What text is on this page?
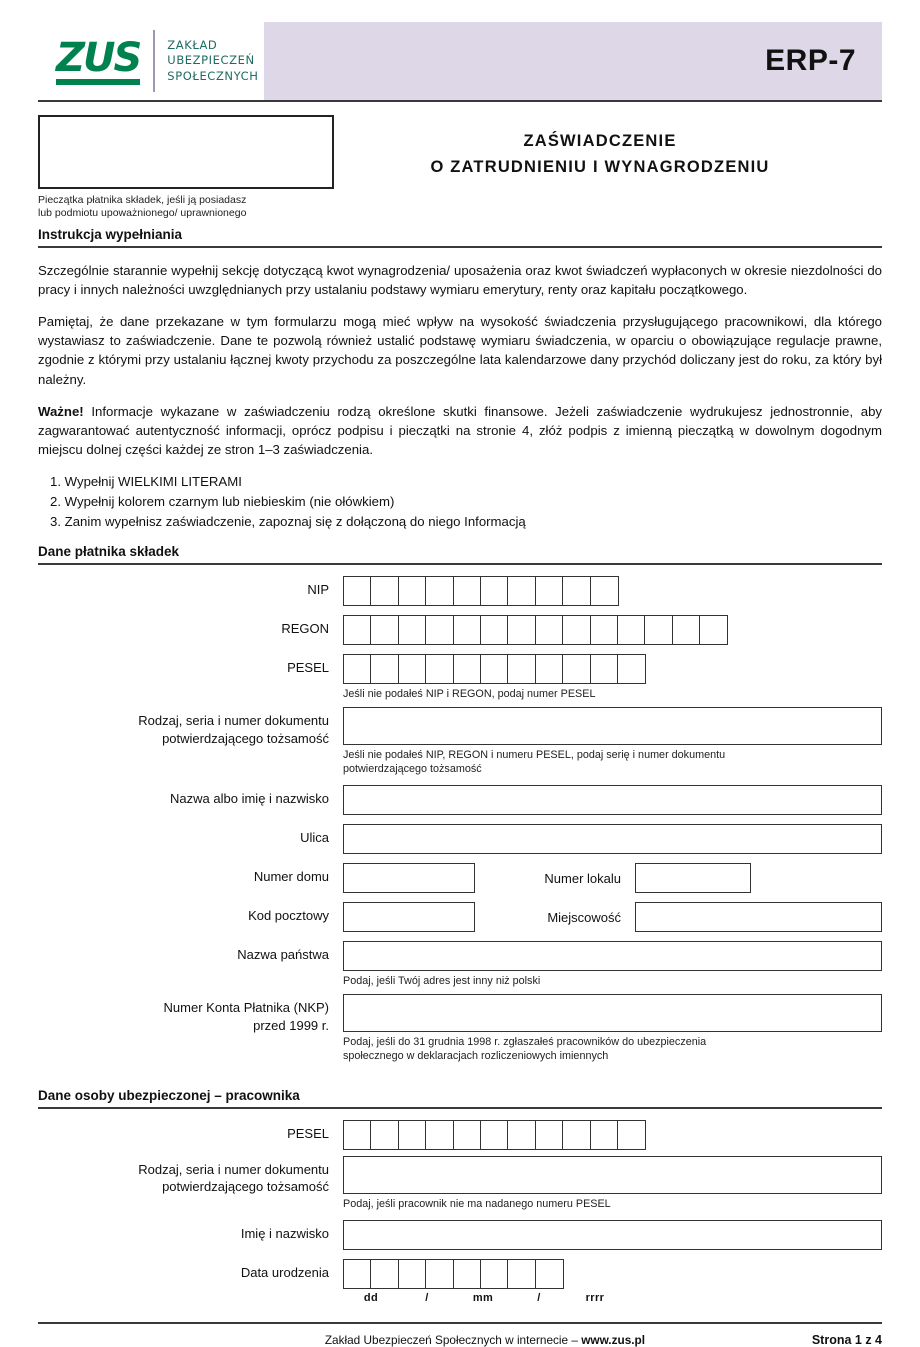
ZUS ZAKŁAD
UBEZPIECZEŃ
SPOŁECZNYCH	ERP-7
Pieczątka płatnika składek, jeśli ją posiadasz
lub podmiotu upoważnionego/ uprawnionego
ZAŚWIADCZENIE
O ZATRUDNIENIU I WYNAGRODZENIU
Instrukcja wypełniania
Szczególnie starannie wypełnij sekcję dotyczącą kwot wynagrodzenia/ uposażenia oraz kwot świadczeń wypłaconych w okresie niezdolności do pracy i innych należności uwzględnianych przy ustalaniu podstawy wymiaru emerytury, renty oraz kapitału początkowego.
Pamiętaj, że dane przekazane w tym formularzu mogą mieć wpływ na wysokość świadczenia przysługującego pracownikowi, dla którego wystawiasz to zaświadczenie. Dane te pozwolą również ustalić podstawę wymiaru świadczenia, w oparciu o obowiązujące regulacje prawne, zgodnie z którymi przy ustalaniu łącznej kwoty przychodu za poszczególne lata kalendarzowe dany przychód doliczany jest do roku, za który był należny.
Ważne! Informacje wykazane w zaświadczeniu rodzą określone skutki finansowe. Jeżeli zaświadczenie wydrukujesz jednostronnie, aby zagwarantować autentyczność informacji, oprócz podpisu i pieczątki na stronie 4, złóż podpis z imienną pieczątką w dowolnym dogodnym miejscu dolnej części każdej ze stron 1–3 zaświadczenia.
1. Wypełnij WIELKIMI LITERAMI
2. Wypełnij kolorem czarnym lub niebieskim (nie ołówkiem)
3. Zanim wypełnisz zaświadczenie, zapoznaj się z dołączoną do niego Informacją
Dane płatnika składek
NIP
REGON
PESEL
Jeśli nie podałeś NIP i REGON, podaj numer PESEL
Rodzaj, seria i numer dokumentu
potwierdzającego tożsamość
Jeśli nie podałeś NIP, REGON i numeru PESEL, podaj serię i numer dokumentu
potwierdzającego tożsamość
Nazwa albo imię i nazwisko
Ulica
Numer domu	Numer lokalu
Kod pocztowy	Miejscowość
Nazwa państwa
Podaj, jeśli Twój adres jest inny niż polski
Numer Konta Płatnika (NKP)
przed 1999 r.
Podaj, jeśli do 31 grudnia 1998 r. zgłaszałeś pracowników do ubezpieczenia
społecznego w deklaracjach rozliczeniowych imiennych
Dane osoby ubezpieczonej – pracownika
PESEL
Rodzaj, seria i numer dokumentu
potwierdzającego tożsamość
Podaj, jeśli pracownik nie ma nadanego numeru PESEL
Imię i nazwisko
Data urodzenia
dd	/	mm	/	rrrr
Zakład Ubezpieczeń Społecznych w internecie – www.zus.pl	Strona 1 z 4
